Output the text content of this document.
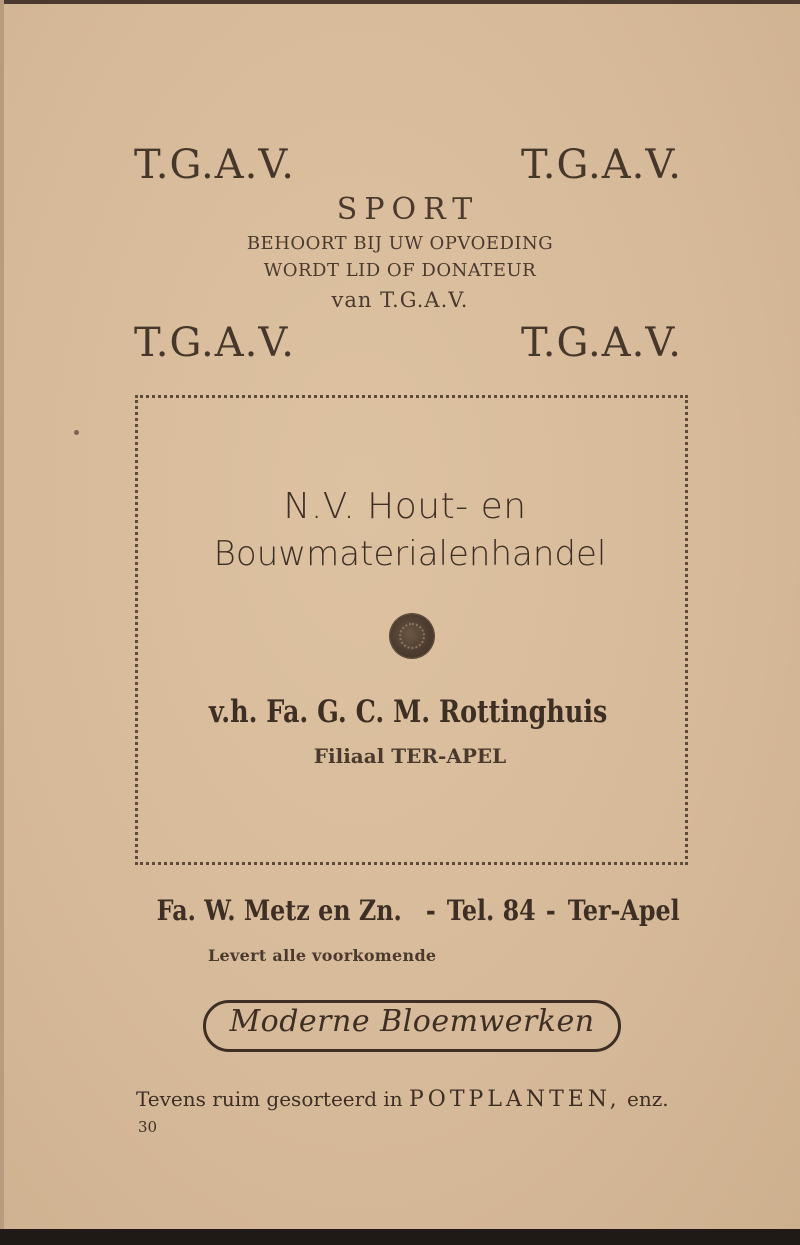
T.G.A.V.	T.G.A.V.
SPORT
BEHOORT BIJ UW OPVOEDING
WORDT LID OF DONATEUR
van T.G.A.V.
T.G.A.V.	T.G.A.V.
N.V. Hout- en
Bouwmaterialenhandel
v.h. Fa. G. C. M. Rottinghuis
Filiaal TER-APEL
Fa. W. Metz en Zn. - Tel. 84 - Ter-Apel
Levert alle voorkomende
Moderne Bloemwerken
Tevens ruim gesorteerd in POTPLANTEN, enz.
30
